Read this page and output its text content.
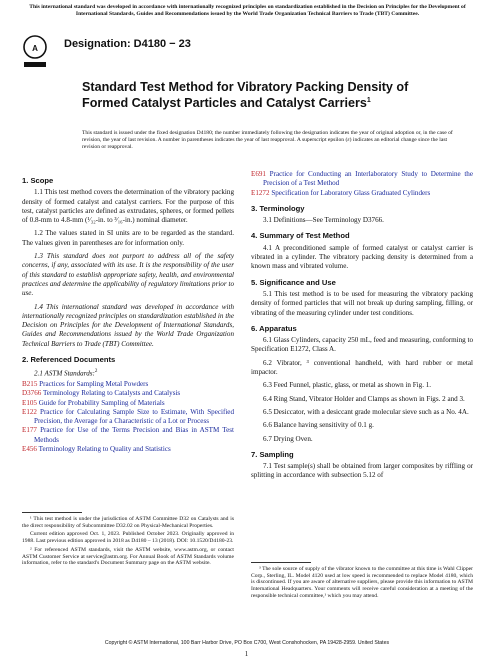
This international standard was developed in accordance with internationally recognized principles on standardization established in the Decision on Principles for the Development of International Standards, Guides and Recommendations issued by the World Trade Organization Technical Barriers to Trade (TBT) Committee.
A Designation: D4180 − 23
Standard Test Method for Vibratory Packing Density of Formed Catalyst Particles and Catalyst Carriers$^1$
This standard is issued under the fixed designation D4180; the number immediately following the designation indicates the year of original adoption or, in the case of revision, the year of last revision. A number in parentheses indicates the year of last reapproval. A superscript epsilon (ε) indicates an editorial change since the last revision or reapproval.
1. Scope

1.1 This test method covers the determination of the vibratory packing density of formed catalyst and catalyst carriers. For the purpose of this test, catalyst particles are defined as extrudates, spheres, or formed pellets of 0.8-mm to 4.8-mm (¹⁄₃₂-in. to ³⁄₁₆-in.) nominal diameter.

1.2 The values stated in SI units are to be regarded as the standard. The values given in parentheses are for information only.

1.3 This standard does not purport to address all of the safety concerns, if any, associated with its use. It is the responsibility of the user of this standard to establish appropriate safety, health, and environmental practices and determine the applicability of regulatory limitations prior to use.

1.4 This international standard was developed in accordance with internationally recognized principles on standardization established in the Decision on Principles for the Development of International Standards, Guides and Recommendations issued by the World Trade Organization Technical Barriers to Trade (TBT) Committee.

2. Referenced Documents

2.1 ASTM Standards:$^2$

B215 Practices for Sampling Metal Powders

D3766 Terminology Relating to Catalysts and Catalysis

E105 Guide for Probability Sampling of Materials

E122 Practice for Calculating Sample Size to Estimate, With Specified Precision, the Average for a Characteristic of a Lot or Process

E177 Practice for Use of the Terms Precision and Bias in ASTM Test Methods

E456 Terminology Relating to Quality and Statistics

¹ This test method is under the jurisdiction of ASTM Committee D32 on Catalysts and is the direct responsibility of Subcommittee D32.02 on Physical-Mechanical Properties.

Current edition approved Oct. 1, 2023. Published October 2023. Originally approved in 1988. Last previous edition approved in 2018 as D4180 – 13 (2018). DOI: 10.1520/D4180-23.

² For referenced ASTM standards, visit the ASTM website, www.astm.org, or contact ASTM Customer Service at service@astm.org. For Annual Book of ASTM Standards volume information, refer to the standard's Document Summary page on the ASTM website.

E691 Practice for Conducting an Interlaboratory Study to Determine the Precision of a Test Method

E1272 Specification for Laboratory Glass Graduated Cylinders

3. Terminology

3.1 Definitions—See Terminology D3766.

4. Summary of Test Method

4.1 A preconditioned sample of formed catalyst or catalyst carrier is vibrated in a cylinder. The vibratory packing density is determined from a known mass and vibrated volume.

5. Significance and Use

5.1 This test method is to be used for measuring the vibratory packing density of formed particles that will not break up during sampling, filling, or vibrating of the measuring cylinder under test conditions.

6. Apparatus

6.1 Glass Cylinders, capacity 250 mL, feed and measuring, conforming to Specification E1272, Class A.

6.2 Vibrator, ³ conventional handheld, with hard rubber or metal impactor.

6.3 Feed Funnel, plastic, glass, or metal as shown in Fig. 1.

6.4 Ring Stand, Vibrator Holder and Clamps as shown in Figs. 2 and 3.

6.5 Desiccator, with a desiccant grade molecular sieve such as a No. 4A.

6.6 Balance having sensitivity of 0.1 g.

6.7 Drying Oven.

7. Sampling

7.1 Test sample(s) shall be obtained from larger composites by riffling or splitting in accordance with subsection 5.12 of

³ The sole source of supply of the vibrator known to the committee at this time is Wahl Clipper Corp., Sterling, IL. Model 4120 used at low speed is recommended to replace Model 4180, which is discontinued. If you are aware of alternative suppliers, please provide this information to ASTM International Headquarters. Your comments will receive careful consideration at a meeting of the responsible technical committee,¹ which you may attend.

Copyright © ASTM International, 100 Barr Harbor Drive, PO Box C700, West Conshohocken, PA 19428-2959. United States
1
